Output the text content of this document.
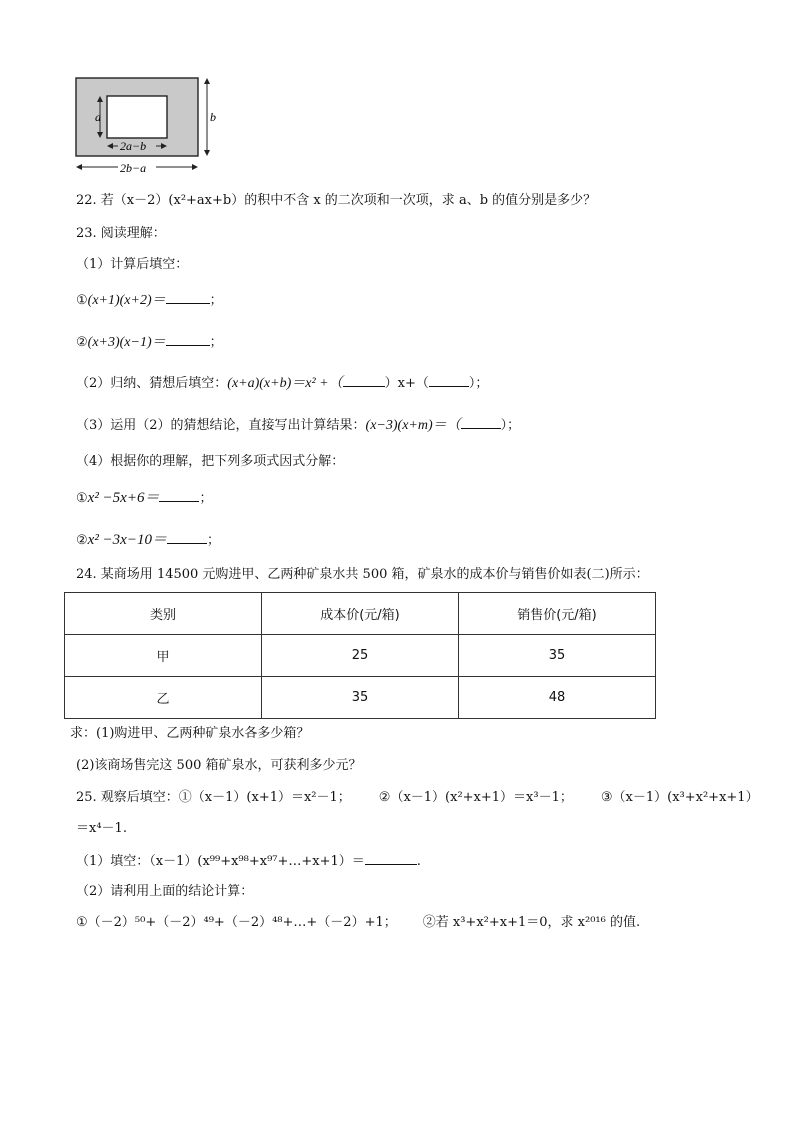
a	b
2a−b
2b−a
22. 若（x－2）(x²+ax+b）的积中不含 x 的二次项和一次项，求 a、b 的值分别是多少？
23. 阅读理解：
（1）计算后填空：
①(x+1)(x+2)＝	；
②(x+3)(x−1)＝	；
（2）归纳、猜想后填空：(x+a)(x+b)＝x² +（	）x+（	）；
（3）运用（2）的猜想结论，直接写出计算结果：(x−3)(x+m)＝（	）；
（4）根据你的理解，把下列多项式因式分解：
①x² −5x+6＝	；
②x² −3x−10＝	；
24. 某商场用 14500 元购进甲、乙两种矿泉水共 500 箱，矿泉水的成本价与销售价如表(二)所示：
类别	成本价(元/箱)	销售价(元/箱)
甲	25	35
乙	35	48
求：(1)购进甲、乙两种矿泉水各多少箱？
(2)该商场售完这 500 箱矿泉水，可获利多少元？
25. 观察后填空：①（x－1）(x+1）＝x²－1； ②（x－1）(x²+x+1）＝x³－1； ③（x－1）(x³+x²+x+1）
＝x⁴－1.
（1）填空：（x－1）(x⁹⁹+x⁹⁸+x⁹⁷+…+x+1）＝	.
（2）请利用上面的结论计算：
①（－2）⁵⁰+（－2）⁴⁹+（－2）⁴⁸+…+（－2）+1； ②若 x³+x²+x+1＝0，求 x²⁰¹⁶ 的值.
